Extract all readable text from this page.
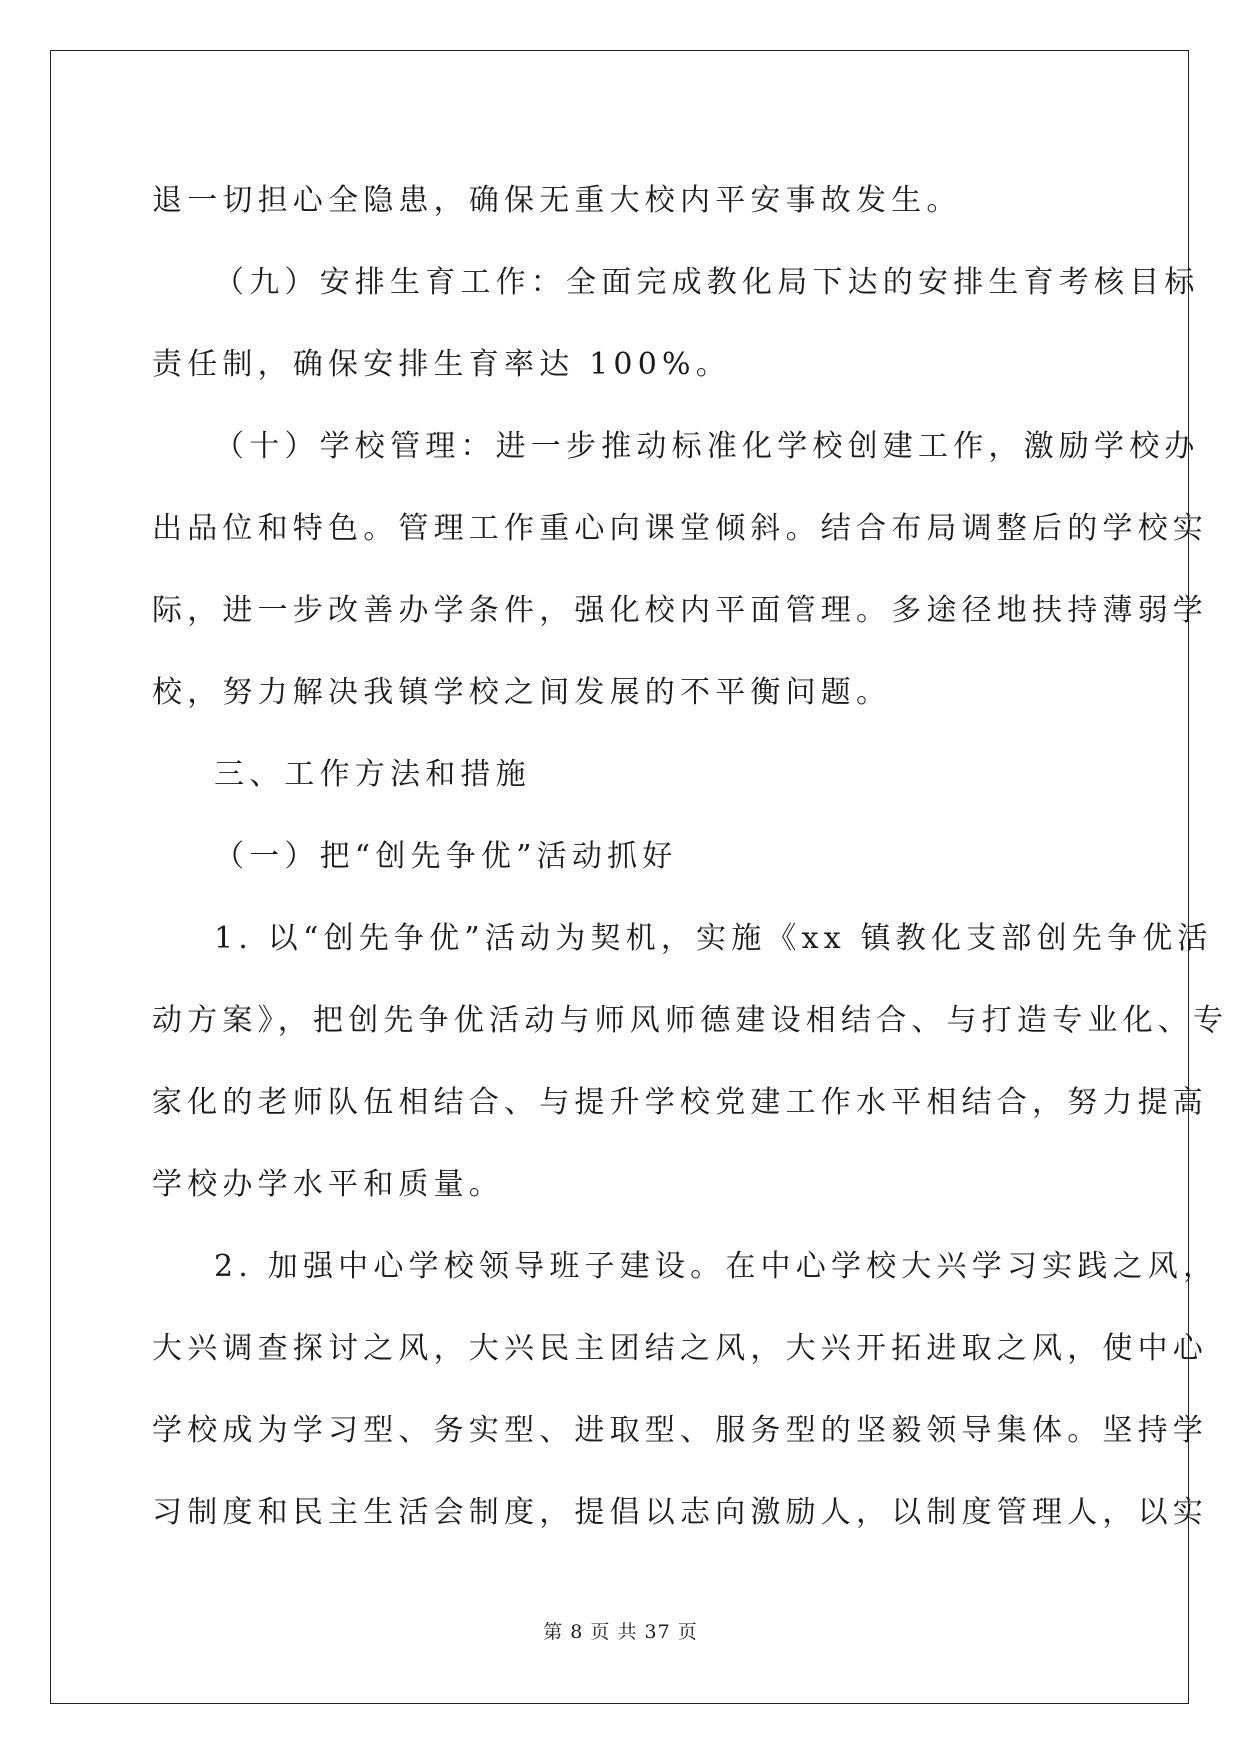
退一切担心全隐患，确保无重大校内平安事故发生。
（九）安排生育工作：全面完成教化局下达的安排生育考核目标
责任制，确保安排生育率达 100%。
（十）学校管理：进一步推动标准化学校创建工作，激励学校办
出品位和特色。管理工作重心向课堂倾斜。结合布局调整后的学校实
际，进一步改善办学条件，强化校内平面管理。多途径地扶持薄弱学
校，努力解决我镇学校之间发展的不平衡问题。
三、工作方法和措施
（一）把“创先争优”活动抓好
1. 以“创先争优”活动为契机，实施《xx 镇教化支部创先争优活
动方案》，把创先争优活动与师风师德建设相结合、与打造专业化、专
家化的老师队伍相结合、与提升学校党建工作水平相结合，努力提高
学校办学水平和质量。
2. 加强中心学校领导班子建设。在中心学校大兴学习实践之风，
大兴调查探讨之风，大兴民主团结之风，大兴开拓进取之风，使中心
学校成为学习型、务实型、进取型、服务型的坚毅领导集体。坚持学
习制度和民主生活会制度，提倡以志向激励人，以制度管理人，以实
第 8 页 共 37 页
